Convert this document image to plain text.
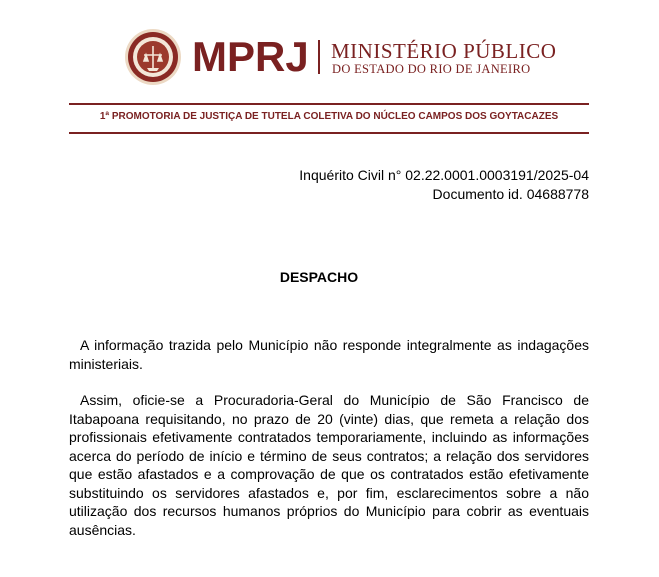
MPRJ MINISTÉRIO PÚBLICO
DO ESTADO DO RIO DE JANEIRO
1ª PROMOTORIA DE JUSTIÇA DE TUTELA COLETIVA DO NÚCLEO CAMPOS DOS GOYTACAZES
Inquérito Civil n° 02.22.0001.0003191/2025-04
Documento id. 04688778
DESPACHO

A informação trazida pelo Município não responde integralmente as indagações ministeriais.

Assim, oficie-se a Procuradoria-Geral do Município de São Francisco de Itabapoana requisitando, no prazo de 20 (vinte) dias, que remeta a relação dos profissionais efetivamente contratados temporariamente, incluindo as informações acerca do período de início e término de seus contratos; a relação dos servidores que estão afastados e a comprovação de que os contratados estão efetivamente substituindo os servidores afastados e, por fim, esclarecimentos sobre a não utilização dos recursos humanos próprios do Município para cobrir as eventuais ausências.
